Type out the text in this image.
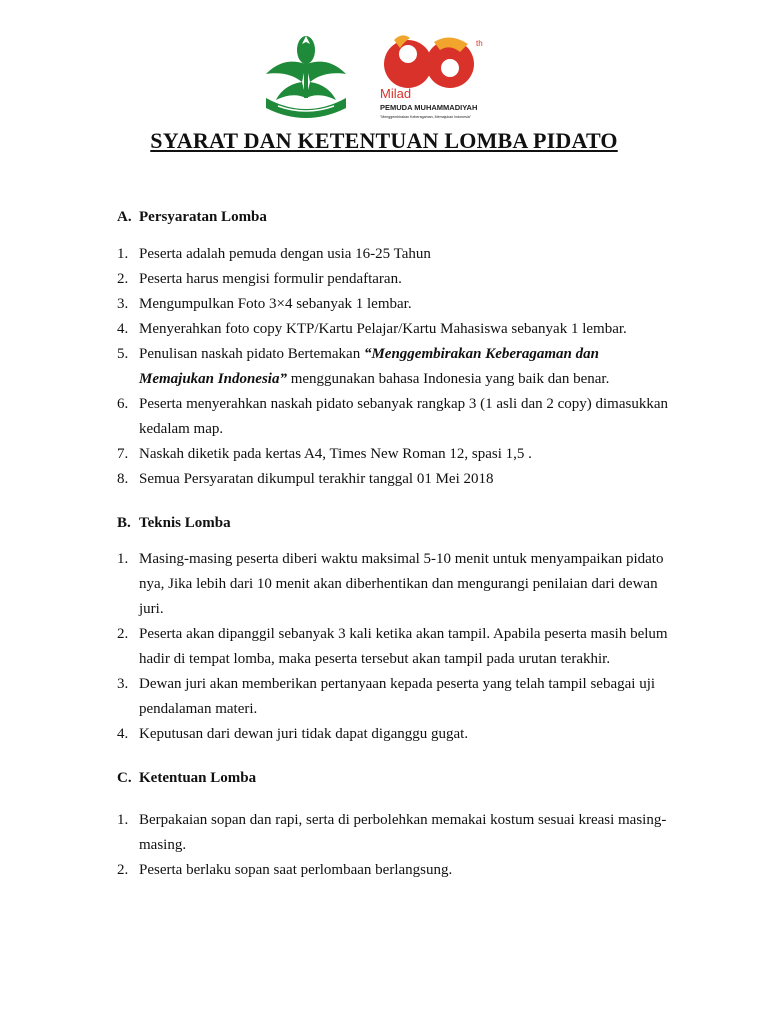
th
Milad
PEMUDA MUHAMMADIYAH
"Menggembirakan Keberagaman, Memajukan Indonesia"
SYARAT DAN KETENTUAN LOMBA PIDATO
A. Persyaratan Lomba
1. Peserta adalah pemuda dengan usia 16-25 Tahun
2. Peserta harus mengisi formulir pendaftaran.
3. Mengumpulkan Foto 3×4 sebanyak 1 lembar.
4. Menyerahkan foto copy KTP/Kartu Pelajar/Kartu Mahasiswa sebanyak 1 lembar.
5. Penulisan naskah pidato Bertemakan “Menggembirakan Keberagaman dan Memajukan Indonesia” menggunakan bahasa Indonesia yang baik dan benar.
6. Peserta menyerahkan naskah pidato sebanyak rangkap 3 (1 asli dan 2 copy) dimasukkan kedalam map.
7. Naskah diketik pada kertas A4, Times New Roman 12, spasi 1,5 .
8. Semua Persyaratan dikumpul terakhir tanggal 01 Mei 2018
B. Teknis Lomba
1. Masing-masing peserta diberi waktu maksimal 5-10 menit untuk menyampaikan pidato nya, Jika lebih dari 10 menit akan diberhentikan dan mengurangi penilaian dari dewan juri.
2. Peserta akan dipanggil sebanyak 3 kali ketika akan tampil. Apabila peserta masih belum hadir di tempat lomba, maka peserta tersebut akan tampil pada urutan terakhir.
3. Dewan juri akan memberikan pertanyaan kepada peserta yang telah tampil sebagai uji pendalaman materi.
4. Keputusan dari dewan juri tidak dapat diganggu gugat.
C. Ketentuan Lomba
1. Berpakaian sopan dan rapi, serta di perbolehkan memakai kostum sesuai kreasi masing-masing.
2. Peserta berlaku sopan saat perlombaan berlangsung.
